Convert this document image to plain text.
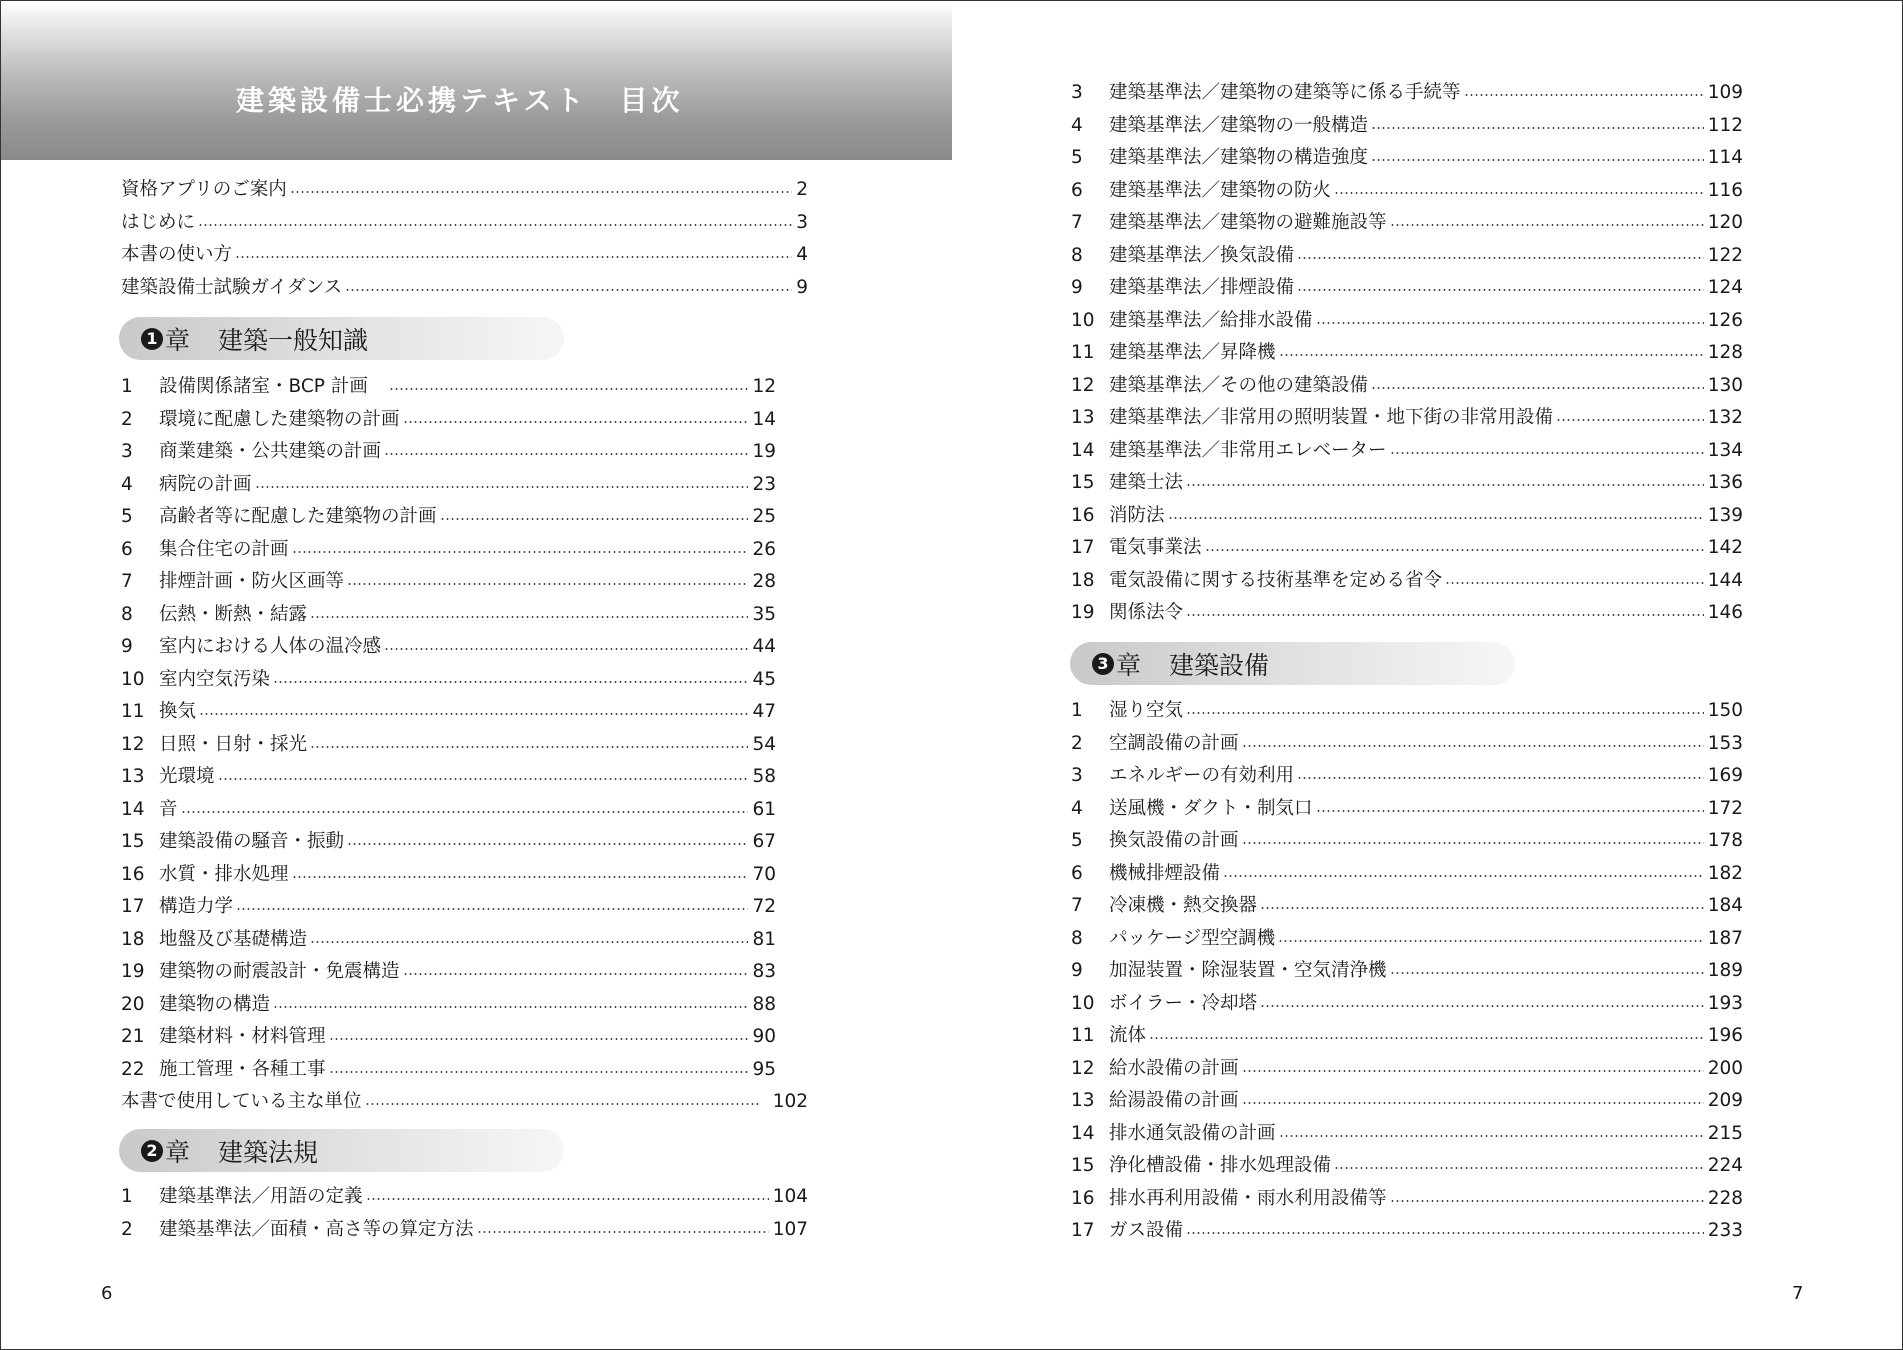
建築設備士必携テキスト　目次
資格アプリのご案内	2
はじめに	3
本書の使い方	4
建築設備士試験ガイダンス	9
1 章 建築一般知識
1	設備関係諸室・BCP 計画　	12
2	環境に配慮した建築物の計画	14
3	商業建築・公共建築の計画	19
4	病院の計画	23
5	高齢者等に配慮した建築物の計画	25
6	集合住宅の計画	26
7	排煙計画・防火区画等	28
8	伝熱・断熱・結露	35
9	室内における人体の温冷感	44
10 室内空気汚染	45
11 換気	47
12 日照・日射・採光	54
13 光環境	58
14 音	61
15 建築設備の騒音・振動	67
16 水質・排水処理	70
17 構造力学	72
18 地盤及び基礎構造	81
19 建築物の耐震設計・免震構造	83
20 建築物の構造	88
21 建築材料・材料管理	90
22 施工管理・各種工事	95
本書で使用している主な単位	102
2 章 建築法規
1	建築基準法／用語の定義	104
2	建築基準法／面積・高さ等の算定方法	107
6
3	建築基準法／建築物の建築等に係る手続等	109
4	建築基準法／建築物の一般構造	112
5	建築基準法／建築物の構造強度	114
6	建築基準法／建築物の防火	116
7	建築基準法／建築物の避難施設等	120
8	建築基準法／換気設備	122
9	建築基準法／排煙設備	124
10 建築基準法／給排水設備	126
11 建築基準法／昇降機	128
12 建築基準法／その他の建築設備	130
13 建築基準法／非常用の照明装置・地下街の非常用設備	132
14 建築基準法／非常用エレベーター	134
15 建築士法	136
16 消防法	139
17 電気事業法	142
18 電気設備に関する技術基準を定める省令	144
19 関係法令	146
3 章 建築設備
1	湿り空気	150
2	空調設備の計画	153
3	エネルギーの有効利用	169
4	送風機・ダクト・制気口	172
5	換気設備の計画	178
6	機械排煙設備	182
7	冷凍機・熱交換器	184
8	パッケージ型空調機	187
9	加湿装置・除湿装置・空気清浄機	189
10 ボイラー・冷却塔	193
11 流体	196
12 給水設備の計画	200
13 給湯設備の計画	209
14 排水通気設備の計画	215
15 浄化槽設備・排水処理設備	224
16 排水再利用設備・雨水利用設備等	228
17 ガス設備	233
7
